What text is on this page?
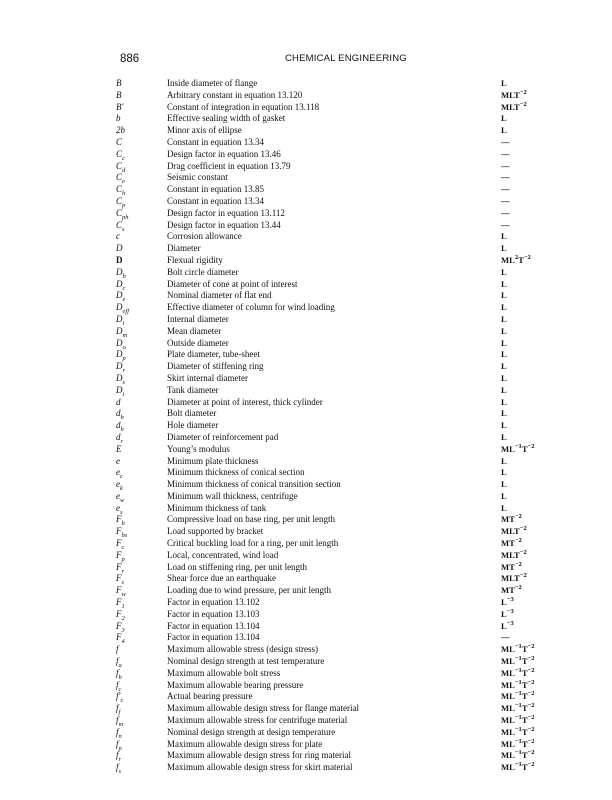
886	CHEMICAL ENGINEERING
B	Inside diameter of flange	L
B	Arbitrary constant in equation 13.120	$MLT^{-2}$
B′	Constant of integration in equation 13.118	$MLT^{-2}$
b	Effective sealing width of gasket	L
2b	Minor axis of ellipse	L
C	Constant in equation 13.34	—
$C_c$	Design factor in equation 13.46	—
$C_d$	Drag coefficient in equation 13.79	—
$C_e$	Seismic constant	—
$C_h$	Constant in equation 13.85	—
$C_p$	Constant in equation 13.34	—
$C_{ph}$	Design factor in equation 13.112	—
$C_s$	Design factor in equation 13.44	—
c	Corrosion allowance	L
D	Diameter	L
D	Flexual rigidity	$ML^2T^{-2}$
$D_b$	Bolt circle diameter	L
$D_c$	Diameter of cone at point of interest	L
$D_e$	Nominal diameter of flat end	L
$D_{eff}$	Effective diameter of column for wind loading	L
$D_i$	Internal diameter	L
$D_m$	Mean diameter	L
$D_o$	Outside diameter	L
$D_p$	Plate diameter, tube-sheet	L
$D_r$	Diameter of stiffening ring	L
$D_s$	Skirt internal diameter	L
$D_t$	Tank diameter	L
d	Diameter at point of interest, thick cylinder	L
$d_b$	Bolt diameter	L
$d_h$	Hole diameter	L
$d_r$	Diameter of reinforcement pad	L
E	Young’s modulus	$ML^{-1}T^{-2}$
e	Minimum plate thickness	L
$e_c$	Minimum thickness of conical section	L
$e_k$	Minimum thickness of conical transition section	L
$e_w$	Minimum wall thickness, centrifuge	L
$e_s$	Minimum thickness of tank	L
$F_b$	Compressive load on base ring, per unit length	$MT^{-2}$
$F_{bs}$	Load supported by bracket	$MLT^{-2}$
$F_c$	Critical buckling load for a ring, per unit length	$MT^{-2}$
$F_p$	Local, concentrated, wind load	$MLT^{-2}$
$F_r$	Load on stiffening ring, per unit length	$MT^{-2}$
$F_s$	Shear force due an earthquake	$MLT^{-2}$
$F_w$	Loading due to wind pressure, per unit length	$MT^{-2}$
$F_1$	Factor in equation 13.102	$L^{-3}$
$F_2$	Factor in equation 13.103	$L^{-3}$
$F_3$	Factor in equation 13.104	$L^{-3}$
$F_4$	Factor in equation 13.104	—
f	Maximum allowable stress (design stress)	$ML^{-1}T^{-2}$
$f_a$	Nominal design strength at test temperature	$ML^{-1}T^{-2}$
$f_b$	Maximum allowable bolt stress	$ML^{-1}T^{-2}$
$f_c$	Maximum allowable bearing pressure	$ML^{-1}T^{-2}$
$f'_c$	Actual bearing pressure	$ML^{-1}T^{-2}$
$f_f$	Maximum allowable design stress for flange material	$ML^{-1}T^{-2}$
$f_m$	Maximum allowable stress for centrifuge material	$ML^{-1}T^{-2}$
$f_n$	Nominal design strength at design temperature	$ML^{-1}T^{-2}$
$f_p$	Maximum allowable design stress for plate	$ML^{-1}T^{-2}$
$f_r$	Maximum allowable design stress for ring material	$ML^{-1}T^{-2}$
$f_s$	Maximum allowable design stress for skirt material	$ML^{-1}T^{-2}$
